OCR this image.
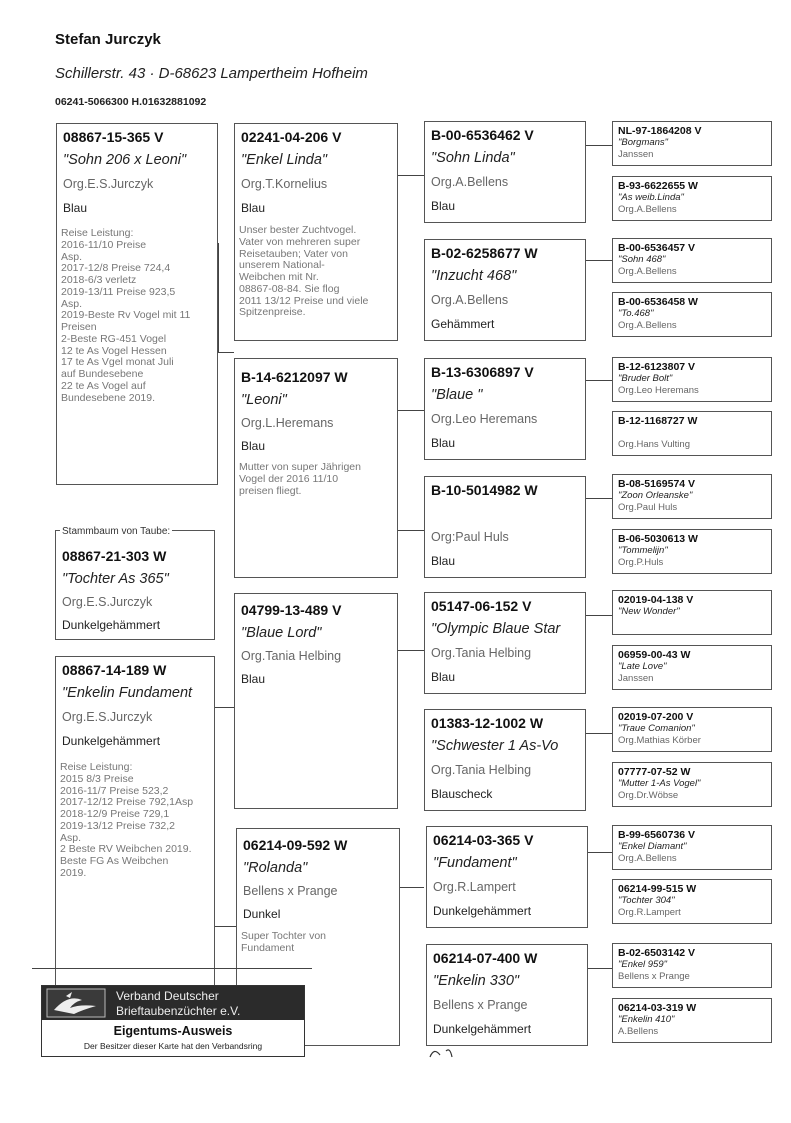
Stefan Jurczyk
Schillerstr. 43 · D-68623 Lampertheim Hofheim
06241-5066300 H.01632881092
08867-15-365 V
"Sohn 206 x Leoni"
Org.E.S.Jurczyk
Blau
Reise Leistung:
2016-11/10 Preise
Asp.
2017-12/8 Preise 724,4
2018-6/3 verletz
2019-13/11 Preise 923,5
Asp.
2019-Beste Rv Vogel mit 11
Preisen
2-Beste RG-451 Vogel
12 te As Vogel Hessen
17 te As Vgel monat Juli
auf Bundesebene
22 te As Vogel auf
Bundesebene 2019.
08867-21-303 W
"Tochter As 365"
Org.E.S.Jurczyk
Dunkelgehämmert
Stammbaum von Taube:
08867-14-189 W
"Enkelin Fundament
Org.E.S.Jurczyk
Dunkelgehämmert
Reise Leistung:
2015 8/3 Preise
2016-11/7 Preise 523,2
2017-12/12 Preise 792,1Asp
2018-12/9 Preise 729,1
2019-13/12 Preise 732,2
Asp.
2 Beste RV Weibchen 2019.
Beste FG As Weibchen
2019.
02241-04-206 V
"Enkel Linda"
Org.T.Kornelius
Blau
Unser bester Zuchtvogel.
Vater von mehreren super
Reisetauben; Vater von
unserem National-
Weibchen mit Nr.
08867-08-84. Sie flog
2011 13/12 Preise und viele
Spitzenpreise.
B-14-6212097 W
"Leoni"
Org.L.Heremans
Blau
Mutter von super Jährigen
Vogel der 2016 11/10
preisen fliegt.
04799-13-489 V
"Blaue Lord"
Org.Tania Helbing
Blau
06214-09-592 W
"Rolanda"
Bellens x Prange
Dunkel
Super Tochter von
Fundament
B-00-6536462 V
"Sohn Linda"
Org.A.Bellens
Blau
B-02-6258677 W
"Inzucht 468"
Org.A.Bellens
Gehämmert
B-13-6306897 V
"Blaue "
Org.Leo Heremans
Blau
B-10-5014982 W
Org:Paul Huls
Blau
05147-06-152 V
"Olympic Blaue Star
Org.Tania Helbing
Blau
01383-12-1002 W
"Schwester 1 As-Vo
Org.Tania Helbing
Blauscheck
06214-03-365 V
"Fundament"
Org.R.Lampert
Dunkelgehämmert
06214-07-400 W
"Enkelin 330"
Bellens x Prange
Dunkelgehämmert
NL-97-1864208 V
"Borgmans"
Janssen
B-93-6622655 W
"As weib.Linda"
Org.A.Bellens
B-00-6536457 V
"Sohn 468"
Org.A.Bellens
B-00-6536458 W
"To.468"
Org.A.Bellens
B-12-6123807 V
"Bruder Bolt"
Org.Leo Heremans
B-12-1168727 W
Org.Hans Vulting
B-08-5169574 V
"Zoon Orleanske"
Org.Paul Huls
B-06-5030613 W
"Tommelijn"
Org.P.Huls
02019-04-138 V
"New Wonder"
06959-00-43 W
"Late Love"
Janssen
02019-07-200 V
"Traue Comanion"
Org.Mathias Körber
07777-07-52 W
"Mutter 1-As Vogel"
Org.Dr.Wöbse
B-99-6560736 V
"Enkel Diamant"
Org.A.Bellens
06214-99-515 W
"Tochter 304"
Org.R.Lampert
B-02-6503142 V
"Enkel 959"
Bellens x Prange
06214-03-319 W
"Enkelin 410"
A.Bellens
Verband Deutscher
Brieftaubenzüchter e.V.
Eigentums-Ausweis
Der Besitzer dieser Karte hat den Verbandsring
